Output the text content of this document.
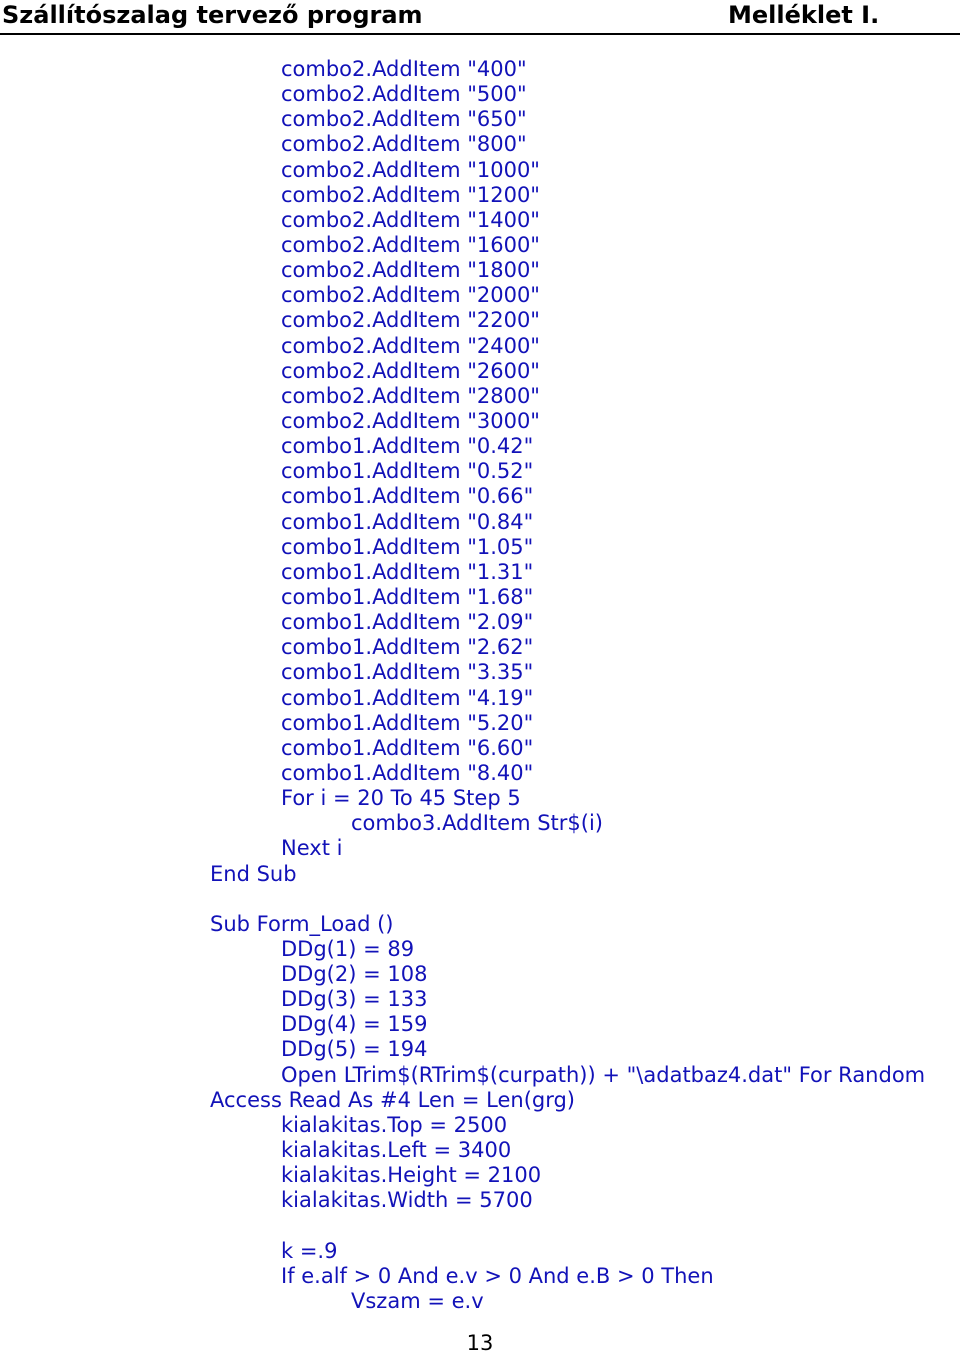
Szállítószalag tervező program	Melléklet I.
combo2.AddItem "400"
combo2.AddItem "500"
combo2.AddItem "650"
combo2.AddItem "800"
combo2.AddItem "1000"
combo2.AddItem "1200"
combo2.AddItem "1400"
combo2.AddItem "1600"
combo2.AddItem "1800"
combo2.AddItem "2000"
combo2.AddItem "2200"
combo2.AddItem "2400"
combo2.AddItem "2600"
combo2.AddItem "2800"
combo2.AddItem "3000"
combo1.AddItem "0.42"
combo1.AddItem "0.52"
combo1.AddItem "0.66"
combo1.AddItem "0.84"
combo1.AddItem "1.05"
combo1.AddItem "1.31"
combo1.AddItem "1.68"
combo1.AddItem "2.09"
combo1.AddItem "2.62"
combo1.AddItem "3.35"
combo1.AddItem "4.19"
combo1.AddItem "5.20"
combo1.AddItem "6.60"
combo1.AddItem "8.40"
For i = 20 To 45 Step 5
combo3.AddItem Str$(i)
Next i
End Sub
Sub Form_Load ()
DDg(1) = 89
DDg(2) = 108
DDg(3) = 133
DDg(4) = 159
DDg(5) = 194
Open LTrim$(RTrim$(curpath)) + "\adatbaz4.dat" For Random
Access Read As #4 Len = Len(grg)
kialakitas.Top = 2500
kialakitas.Left = 3400
kialakitas.Height = 2100
kialakitas.Width = 5700
k =.9
If e.alf > 0 And e.v > 0 And e.B > 0 Then
Vszam = e.v
13
